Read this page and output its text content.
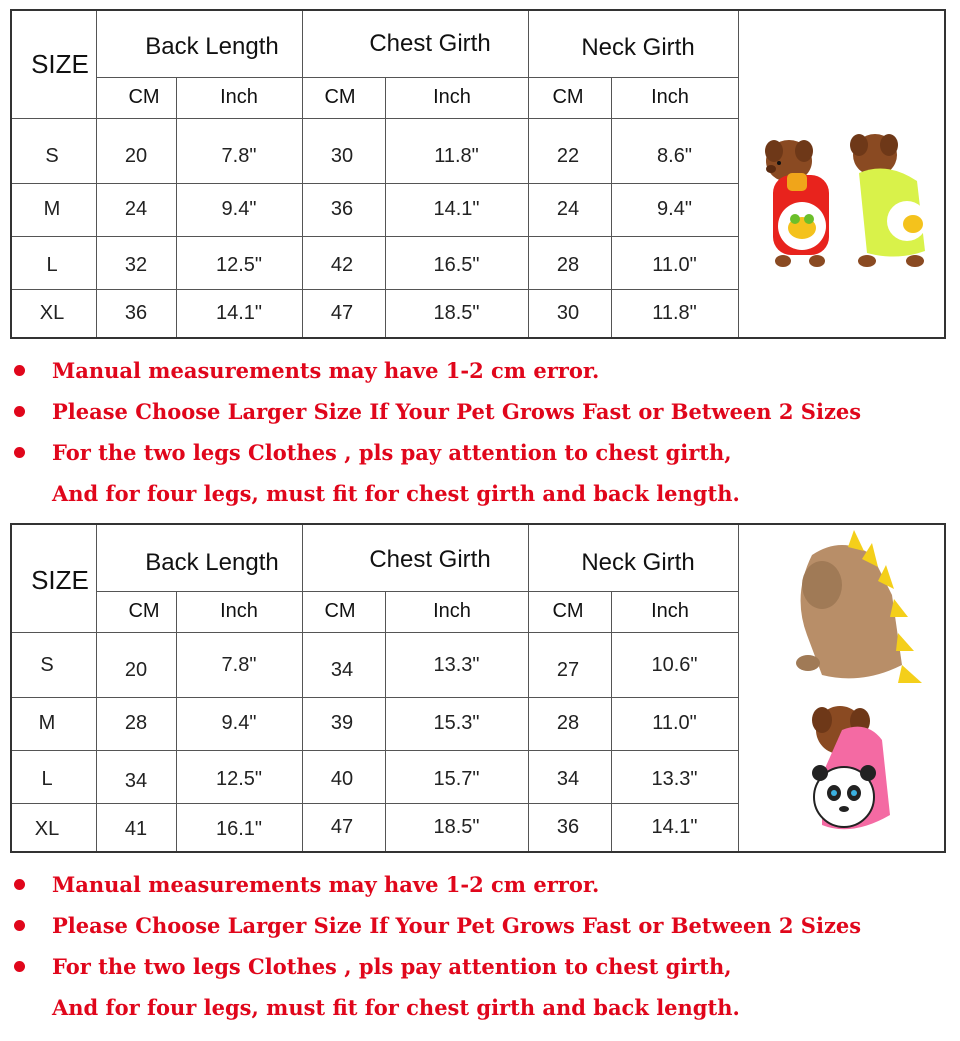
SIZE
Back Length	Chest Girth	Neck Girth
CM	Inch	CM	Inch	CM	Inch
S	20	7.8"	30	11.8"	22	8.6"
M	24	9.4"	36	14.1"	24	9.4"
L	32	12.5"	42	16.5"	28	11.0"
XL	36	14.1"	47	18.5"	30	11.8"
Manual measurements may have 1-2 cm error.
Please Choose Larger Size If Your Pet Grows Fast or Between 2 Sizes
For the two legs Clothes , pls pay attention to chest girth,
And for four legs, must fit for chest girth and back length.
SIZE
Back Length	Chest Girth	Neck Girth
CM	Inch	CM	Inch	CM	Inch
S	20	7.8"	34	13.3"	27	10.6"
M	28	9.4"	39	15.3"	28	11.0"
L	34	12.5"	40	15.7"	34	13.3"
XL	41	16.1"	47	18.5"	36	14.1"
Manual measurements may have 1-2 cm error.
Please Choose Larger Size If Your Pet Grows Fast or Between 2 Sizes
For the two legs Clothes , pls pay attention to chest girth,
And for four legs, must fit for chest girth and back length.
